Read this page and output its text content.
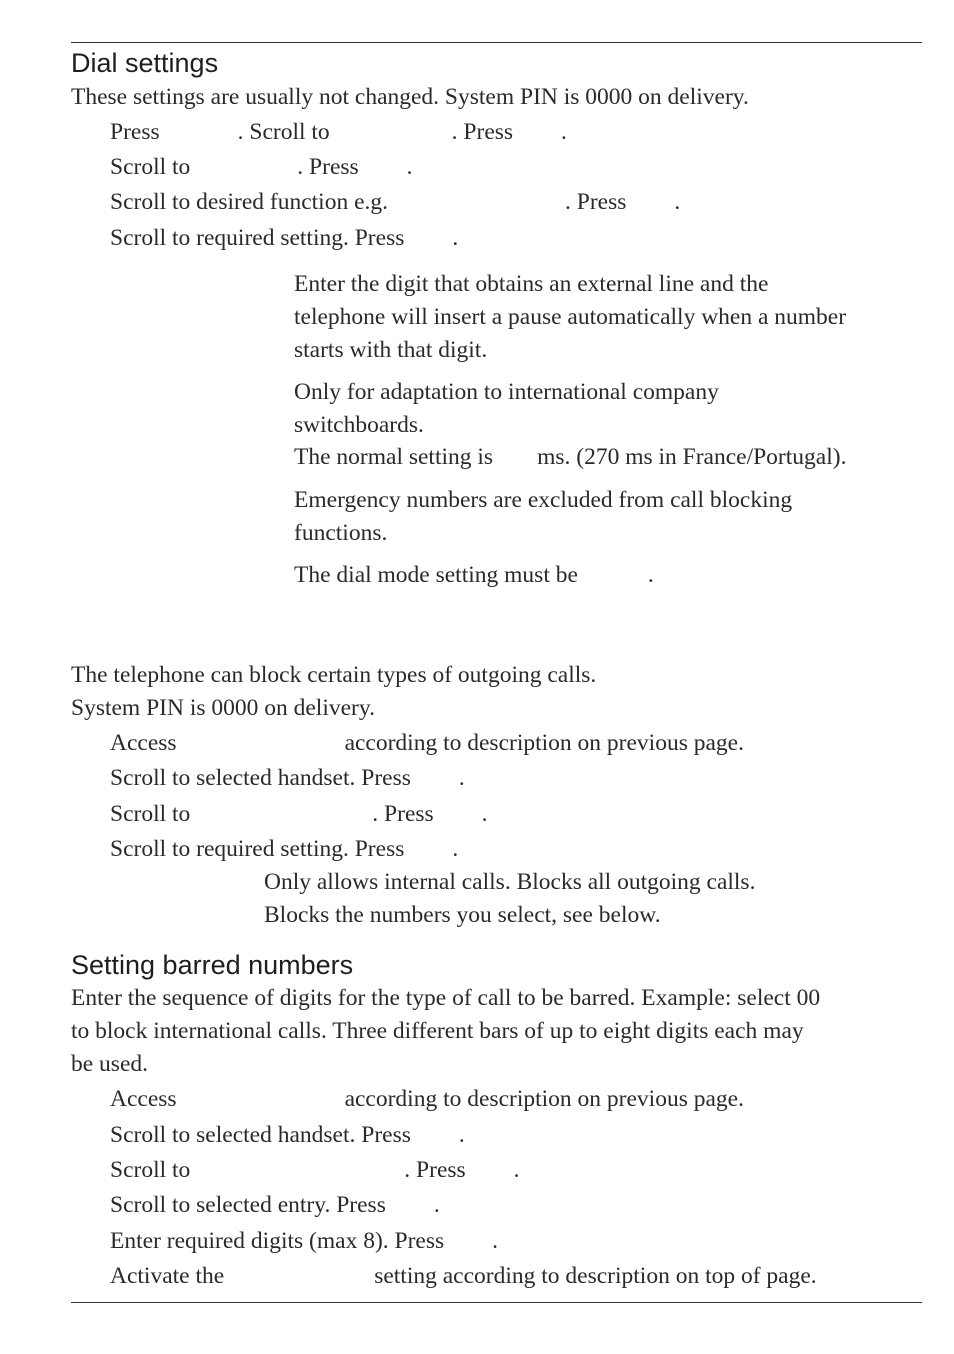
Dial settings
These settings are usually not changed. System PIN is 0000 on delivery.
Press	. Scroll to	. Press .
Scroll to	. Press .
Scroll to desired function e.g.	. Press .
Scroll to required setting. Press .
Enter the digit that obtains an external line and the
telephone will insert a pause automatically when a number
starts with that digit.
Only for adaptation to international company
switchboards.
The normal setting is ms. (270 ms in France/Portugal).
Emergency numbers are excluded from call blocking
functions.
The dial mode setting must be	.
The telephone can block certain types of outgoing calls.
System PIN is 0000 on delivery.
Access	according to description on previous page.
Scroll to selected handset. Press .
Scroll to	. Press .
Scroll to required setting. Press .
Only allows internal calls. Blocks all outgoing calls.
Blocks the numbers you select, see below.
Setting barred numbers
Enter the sequence of digits for the type of call to be barred. Example: select 00
to block international calls. Three different bars of up to eight digits each may
be used.
Access	according to description on previous page.
Scroll to selected handset. Press .
Scroll to	. Press .
Scroll to selected entry. Press .
Enter required digits (max 8). Press .
Activate the	setting according to description on top of page.
